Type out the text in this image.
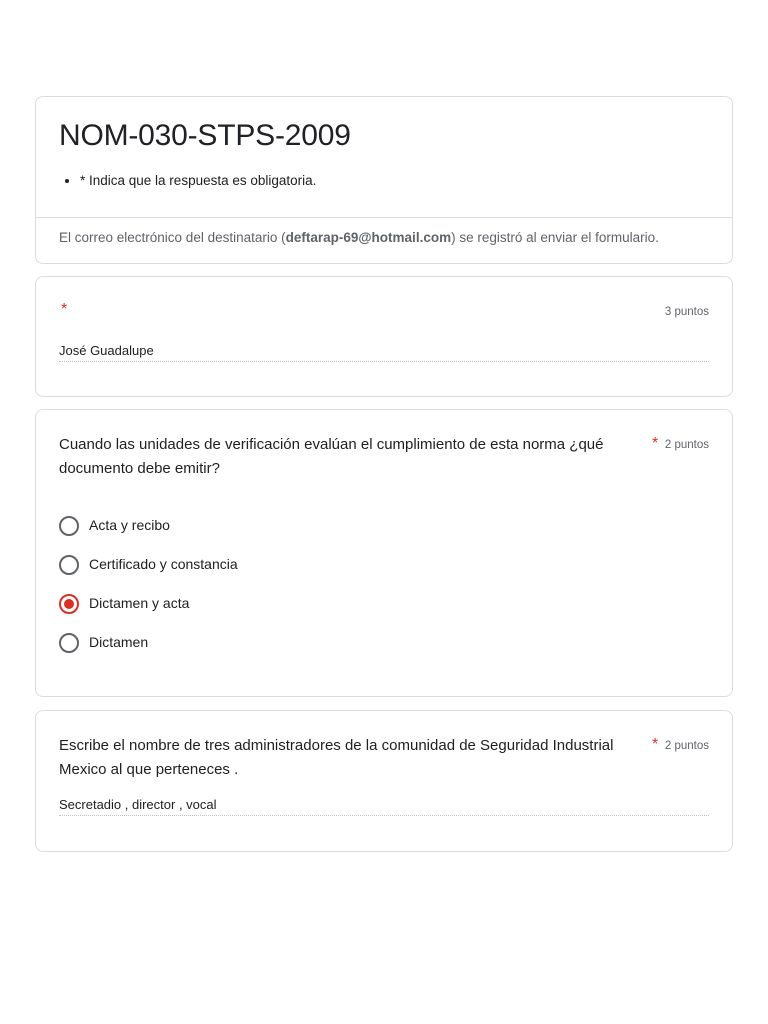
NOM-030-STPS-2009
• * Indica que la respuesta es obligatoria.
El correo electrónico del destinatario (deftarap-69@hotmail.com) se registró al enviar el formulario.
*	3 puntos
José Guadalupe
Cuando las unidades de verificación evalúan el cumplimiento de esta norma ¿qué documento debe emitir?
* 2 puntos
Acta y recibo
Certificado y constancia
Dictamen y acta
Dictamen
Escribe el nombre de tres administradores de la comunidad de Seguridad Industrial Mexico al que perteneces .
* 2 puntos
Secretadio , director , vocal
